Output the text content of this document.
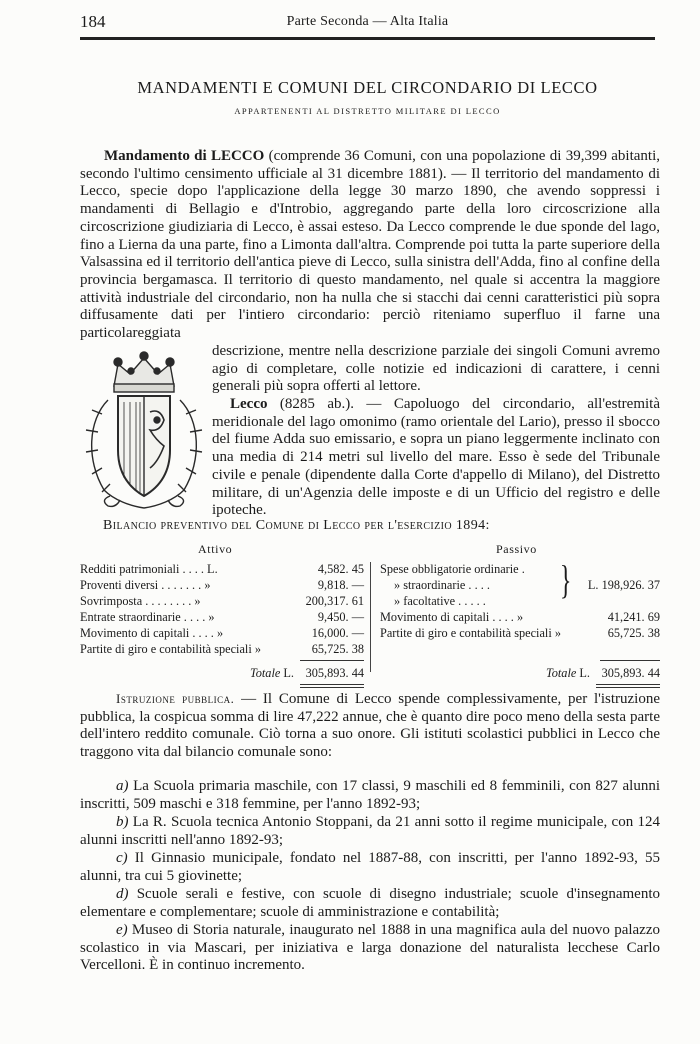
184	Parte Seconda — Alta Italia
MANDAMENTI E COMUNI DEL CIRCONDARIO DI LECCO
APPARTENENTI AL DISTRETTO MILITARE DI LECCO

Mandamento di LECCO (comprende 36 Comuni, con una popolazione di 39,399 abitanti, secondo l'ultimo censimento ufficiale al 31 dicembre 1881). — Il territorio del mandamento di Lecco, specie dopo l'applicazione della legge 30 marzo 1890, che avendo soppressi i mandamenti di Bellagio e d'Introbio, aggregando parte della loro circoscrizione alla circoscrizione giudiziaria di Lecco, è assai esteso. Da Lecco comprende le due sponde del lago, fino a Lierna da una parte, fino a Limonta dall'altra. Comprende poi tutta la parte superiore della Valsassina ed il territorio dell'antica pieve di Lecco, sulla sinistra dell'Adda, fino al confine della provincia bergamasca. Il territorio di questo mandamento, nel quale si accentra la maggiore attività industriale del circondario, non ha nulla che si stacchi dai cenni caratteristici più sopra diffusamente dati per l'intiero circondario: perciò riteniamo superfluo il farne una particolareggiata

descrizione, mentre nella descrizione parziale dei singoli Comuni avremo agio di completare, colle notizie ed indicazioni di carattere, i cenni generali più sopra offerti al lettore.

Lecco (8285 ab.). — Capoluogo del circondario, all'estremità meridionale del lago omonimo (ramo orientale del Lario), presso il sbocco del fiume Adda suo emissario, e sopra un piano leggermente inclinato con una media di 214 metri sul livello del mare. Esso è sede del Tribunale civile e penale (dipendente dalla Corte d'appello di Milano), del Distretto militare, di un'Agenzia delle imposte e di un Ufficio del registro e delle ipoteche.

Bilancio preventivo del Comune di Lecco per l'esercizio 1894:
Attivo	Passivo
Redditi patrimoniali . . . . L.	4,582. 45
Proventi diversi . . . . . . . »	9,818. —
Sovrimposta . . . . . . . . »	200,317. 61
Entrate straordinarie . . . . »	9,450. —
Movimento di capitali . . . . »	16,000. —
Partite di giro e contabilità speciali »	65,725. 38
Totale L. 305,893. 44
Spese obbligatorie ordinarie .
» straordinarie . . . .
» facoltative . . . . . } L. 198,926. 37
Movimento di capitali . . . . »	41,241. 69
Partite di giro e contabilità speciali »	65,725. 38
Totale L. 305,893. 44

Istruzione pubblica. — Il Comune di Lecco spende complessivamente, per l'istruzione pubblica, la cospicua somma di lire 47,222 annue, che è quanto dire poco meno della sesta parte dell'intero reddito comunale. Ciò torna a suo onore. Gli istituti scolastici pubblici in Lecco che traggono vita dal bilancio comunale sono:

a) La Scuola primaria maschile, con 17 classi, 9 maschili ed 8 femminili, con 827 alunni inscritti, 509 maschi e 318 femmine, per l'anno 1892-93;

b) La R. Scuola tecnica Antonio Stoppani, da 21 anni sotto il regime municipale, con 124 alunni inscritti nell'anno 1892-93;

c) Il Ginnasio municipale, fondato nel 1887-88, con inscritti, per l'anno 1892-93, 55 alunni, tra cui 5 giovinette;

d) Scuole serali e festive, con scuole di disegno industriale; scuole d'insegnamento elementare e complementare; scuole di amministrazione e contabilità;

e) Museo di Storia naturale, inaugurato nel 1888 in una magnifica aula del nuovo palazzo scolastico in via Mascari, per iniziativa e larga donazione del naturalista lecchese Carlo Vercelloni. È in continuo incremento.
